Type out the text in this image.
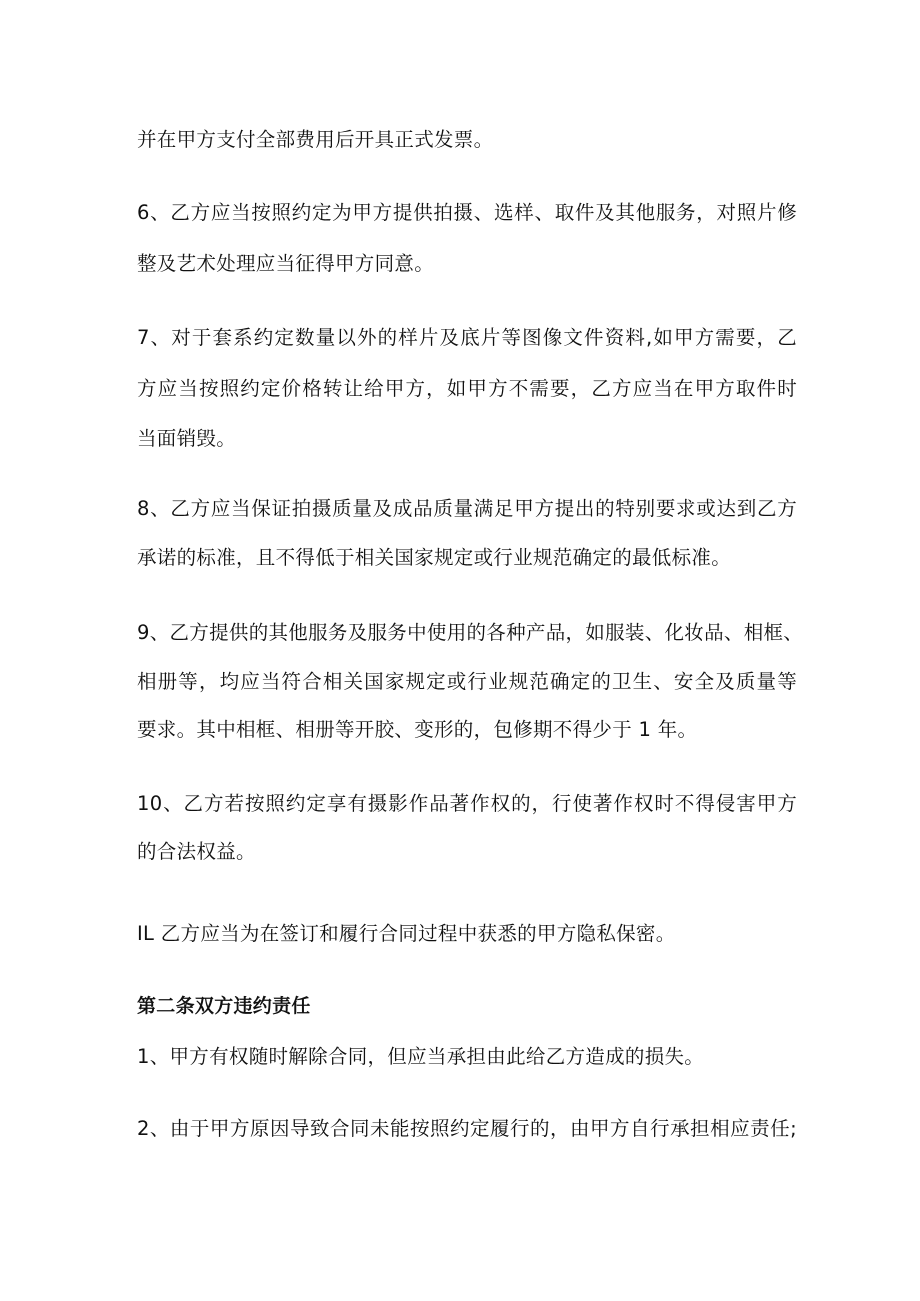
并在甲方支付全部费用后开具正式发票。
6、乙方应当按照约定为甲方提供拍摄、选样、取件及其他服务，对照片修
整及艺术处理应当征得甲方同意。
7、对于套系约定数量以外的样片及底片等图像文件资料,如甲方需要，乙
方应当按照约定价格转让给甲方，如甲方不需要，乙方应当在甲方取件时
当面销毁。
8、乙方应当保证拍摄质量及成品质量满足甲方提出的特别要求或达到乙方
承诺的标准，且不得低于相关国家规定或行业规范确定的最低标准。
9、乙方提供的其他服务及服务中使用的各种产品，如服装、化妆品、相框、
相册等，均应当符合相关国家规定或行业规范确定的卫生、安全及质量等
要求。其中相框、相册等开胶、变形的，包修期不得少于 1 年。
10、乙方若按照约定享有摄影作品著作权的，行使著作权时不得侵害甲方
的合法权益。
IL 乙方应当为在签订和履行合同过程中获悉的甲方隐私保密。
第二条双方违约责任
1、甲方有权随时解除合同，但应当承担由此给乙方造成的损失。
2、由于甲方原因导致合同未能按照约定履行的，由甲方自行承担相应责任;
